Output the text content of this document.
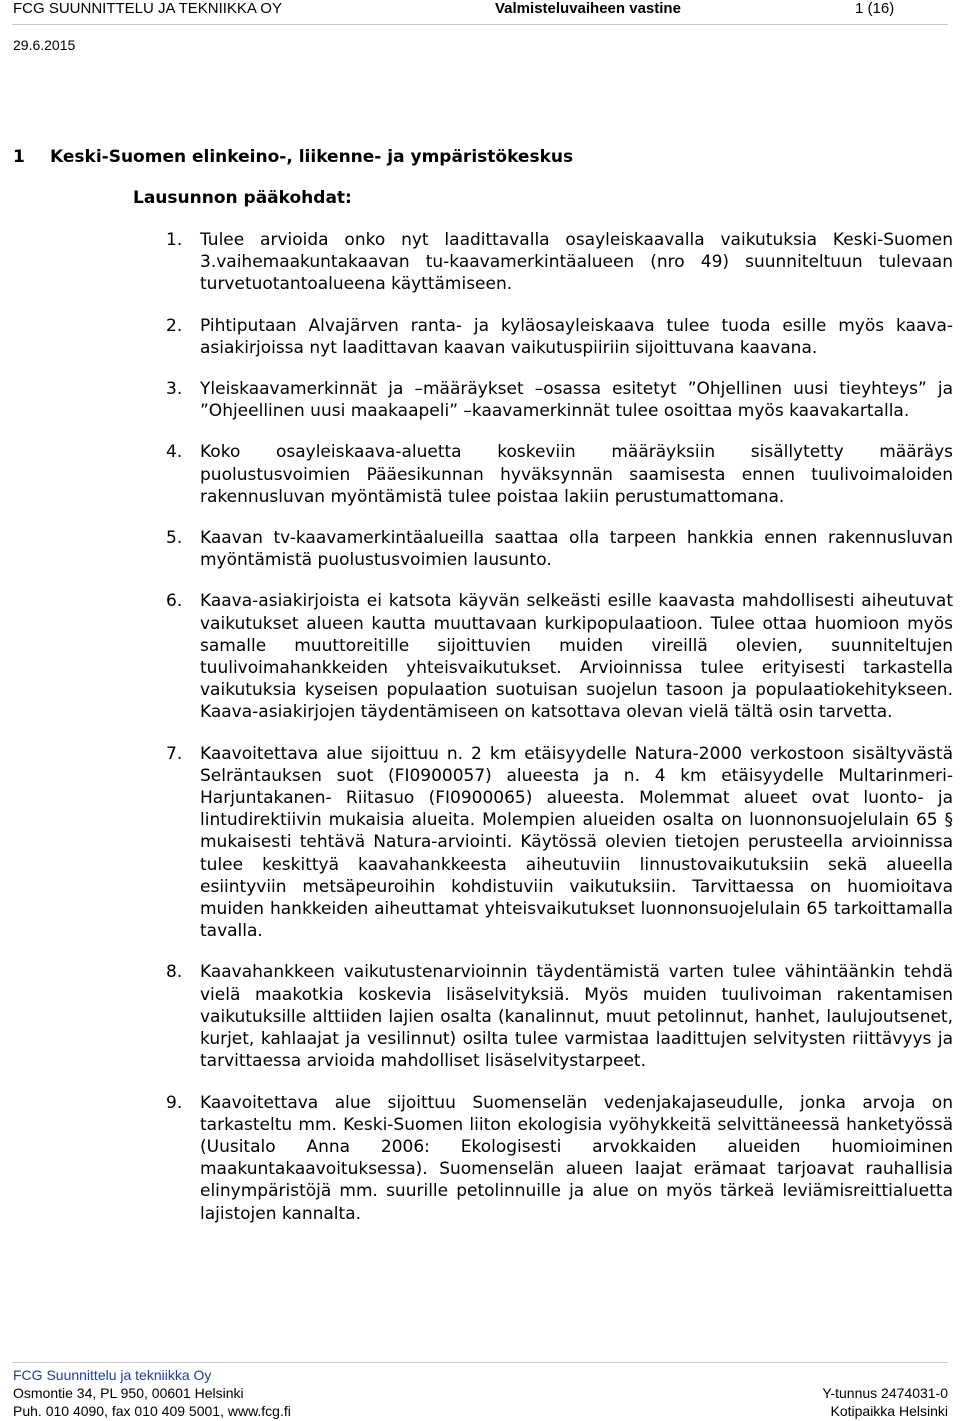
FCG SUUNNITTELU JA TEKNIIKKA OY	Valmisteluvaiheen vastine	1 (16)
29.6.2015
1 Keski-Suomen elinkeino-, liikenne- ja ympäristökeskus
Lausunnon pääkohdat:
1. Tulee arvioida onko nyt laadittavalla osayleiskaavalla vaikutuksia Keski-Suomen 3.vaihemaakuntakaavan tu-kaavamerkintäalueen (nro 49) suunniteltuun tulevaan turvetuotantoalueena käyttämiseen.
2. Pihtiputaan Alvajärven ranta- ja kyläosayleiskaava tulee tuoda esille myös kaava-asiakirjoissa nyt laadittavan kaavan vaikutuspiiriin sijoittuvana kaavana.
3. Yleiskaavamerkinnät ja –määräykset –osassa esitetyt ”Ohjellinen uusi tieyhteys” ja ”Ohjeellinen uusi maakaapeli” –kaavamerkinnät tulee osoittaa myös kaavakartalla.
4. Koko osayleiskaava-aluetta koskeviin määräyksiin sisällytetty määräys puolustusvoimien Pääesikunnan hyväksynnän saamisesta ennen tuulivoimaloiden rakennusluvan myöntämistä tulee poistaa lakiin perustumattomana.
5. Kaavan tv-kaavamerkintäalueilla saattaa olla tarpeen hankkia ennen rakennusluvan myöntämistä puolustusvoimien lausunto.
6. Kaava-asiakirjoista ei katsota käyvän selkeästi esille kaavasta mahdollisesti aiheutuvat vaikutukset alueen kautta muuttavaan kurkipopulaatioon. Tulee ottaa huomioon myös samalle muuttoreitille sijoittuvien muiden vireillä olevien, suunniteltujen tuulivoimahankkeiden yhteisvaikutukset. Arvioinnissa tulee erityisesti tarkastella vaikutuksia kyseisen populaation suotuisan suojelun tasoon ja populaatiokehitykseen. Kaava-asiakirjojen täydentämiseen on katsottava olevan vielä tältä osin tarvetta.
7. Kaavoitettava alue sijoittuu n. 2 km etäisyydelle Natura-2000 verkostoon sisältyvästä Selräntauksen suot (FI0900057) alueesta ja n. 4 km etäisyydelle Multarinmeri-Harjuntakanen- Riitasuo (FI0900065) alueesta. Molemmat alueet ovat luonto- ja lintudirektiivin mukaisia alueita. Molempien alueiden osalta on luonnonsuojelulain 65 § mukaisesti tehtävä Natura-arviointi. Käytössä olevien tietojen perusteella arvioinnissa tulee keskittyä kaavahankkeesta aiheutuviin linnustovaikutuksiin sekä alueella esiintyviin metsäpeuroihin kohdistuviin vaikutuksiin. Tarvittaessa on huomioitava muiden hankkeiden aiheuttamat yhteisvaikutukset luonnonsuojelulain 65 tarkoittamalla tavalla.
8. Kaavahankkeen vaikutustenarvioinnin täydentämistä varten tulee vähintäänkin tehdä vielä maakotkia koskevia lisäselvityksiä. Myös muiden tuulivoiman rakentamisen vaikutuksille alttiiden lajien osalta (kanalinnut, muut petolinnut, hanhet, laulujoutsenet, kurjet, kahlaajat ja vesilinnut) osilta tulee varmistaa laadittujen selvitysten riittävyys ja tarvittaessa arvioida mahdolliset lisäselvitystarpeet.
9. Kaavoitettava alue sijoittuu Suomenselän vedenjakajaseudulle, jonka arvoja on tarkasteltu mm. Keski-Suomen liiton ekologisia vyöhykkeitä selvittäneessä hanketyössä (Uusitalo Anna 2006: Ekologisesti arvokkaiden alueiden huomioiminen maakuntakaavoituksessa). Suomenselän alueen laajat erämaat tarjoavat rauhallisia elinympäristöjä mm. suurille petolinnuille ja alue on myös tärkeä leviämisreittialuetta lajistojen kannalta.
FCG Suunnittelu ja tekniikka Oy
Osmontie 34, PL 950, 00601 Helsinki
Puh. 010 4090, fax 010 409 5001, www.fcg.fi
Y-tunnus 2474031-0
Kotipaikka Helsinki
